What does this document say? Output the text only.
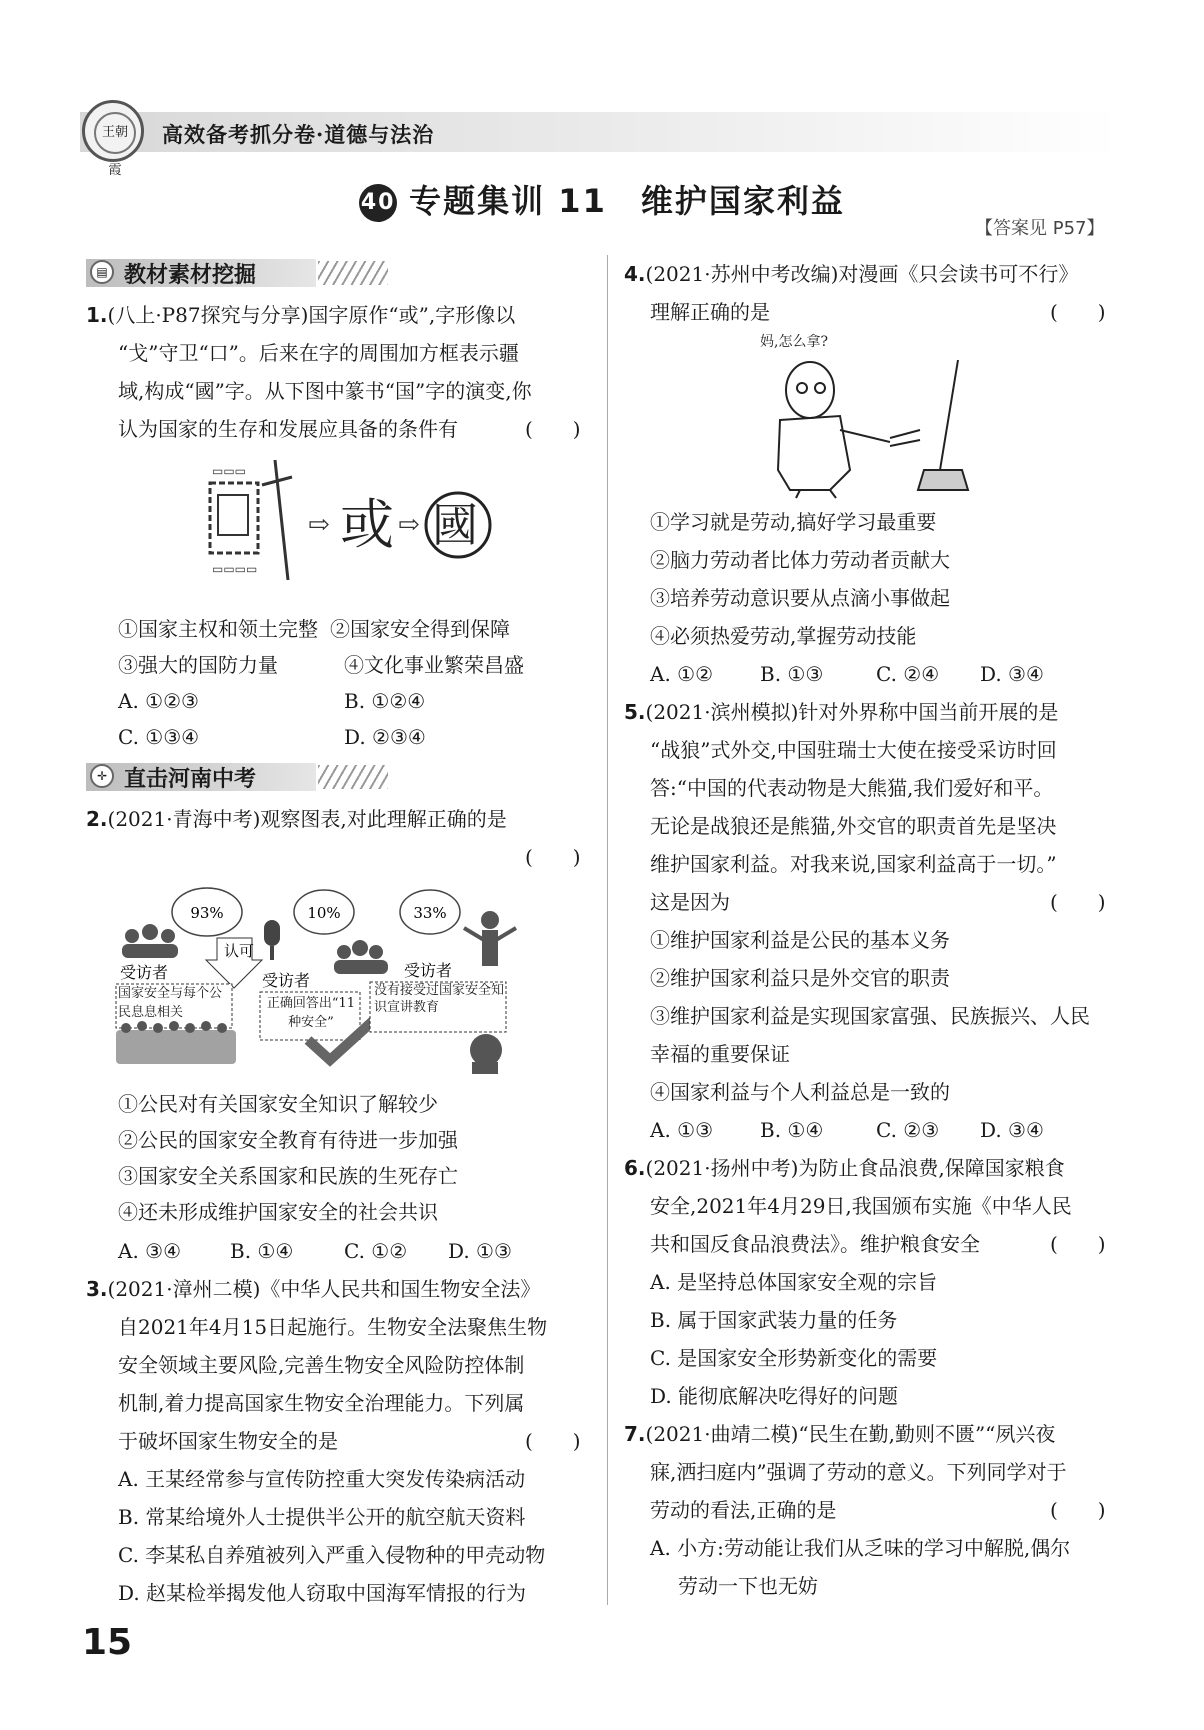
王朝霞
高效备考抓分卷·道德与法治
40 专题集训 11　维护国家利益
【答案见 P57】
▤ 教材素材挖掘
1.(八上·P87探究与分享)国字原作“或”,字形像以
“戈”守卫“口”。后来在字的周围加方框表示疆
域,构成“國”字。从下图中篆书“国”字的演变,你
认为国家的生存和发展应具备的条件有	(　　)
▭▭▭
▭▭▭▭
⇨ 或 ⇨ 國
①国家主权和领土完整 ②国家安全得到保障
③强大的国防力量	④文化事业繁荣昌盛
A. ①②③	B. ①②④
C. ①③④	D. ②③④
✛ 直击河南中考
2.(2021·青海中考)观察图表,对此理解正确的是
(　　)
93%
认可
受访者
国家安全与每个公民息息相关
10%
受访者
正确回答出“11种安全”
33%
受访者
没有接受过国家安全知识宣讲教育
①公民对有关国家安全知识了解较少
②公民的国家安全教育有待进一步加强
③国家安全关系国家和民族的生死存亡
④还未形成维护国家安全的社会共识
A. ③④ B. ①④	C. ①② D. ①③
3.(2021·漳州二模)《中华人民共和国生物安全法》
自2021年4月15日起施行。生物安全法聚焦生物
安全领域主要风险,完善生物安全风险防控体制
机制,着力提高国家生物安全治理能力。下列属
于破坏国家生物安全的是	(　　)
A. 王某经常参与宣传防控重大突发传染病活动
B. 常某给境外人士提供半公开的航空航天资料
C. 李某私自养殖被列入严重入侵物种的甲壳动物
D. 赵某检举揭发他人窃取中国海军情报的行为
4.(2021·苏州中考改编)对漫画《只会读书可不行》
理解正确的是	(　　)
妈,怎么拿?
①学习就是劳动,搞好学习最重要
②脑力劳动者比体力劳动者贡献大
③培养劳动意识要从点滴小事做起
④必须热爱劳动,掌握劳动技能
A. ①② B. ①③	C. ②④ D. ③④
5.(2021·滨州模拟)针对外界称中国当前开展的是
“战狼”式外交,中国驻瑞士大使在接受采访时回
答:“中国的代表动物是大熊猫,我们爱好和平。
无论是战狼还是熊猫,外交官的职责首先是坚决
维护国家利益。对我来说,国家利益高于一切。”
这是因为	(　　)
①维护国家利益是公民的基本义务
②维护国家利益只是外交官的职责
③维护国家利益是实现国家富强、民族振兴、人民
幸福的重要保证
④国家利益与个人利益总是一致的
A. ①③ B. ①④	C. ②③ D. ③④
6.(2021·扬州中考)为防止食品浪费,保障国家粮食
安全,2021年4月29日,我国颁布实施《中华人民
共和国反食品浪费法》。维护粮食安全	(　　)
A. 是坚持总体国家安全观的宗旨
B. 属于国家武装力量的任务
C. 是国家安全形势新变化的需要
D. 能彻底解决吃得好的问题
7.(2021·曲靖二模)“民生在勤,勤则不匮”“夙兴夜
寐,洒扫庭内”强调了劳动的意义。下列同学对于
劳动的看法,正确的是	(　　)
A. 小方:劳动能让我们从乏味的学习中解脱,偶尔
劳动一下也无妨
15
